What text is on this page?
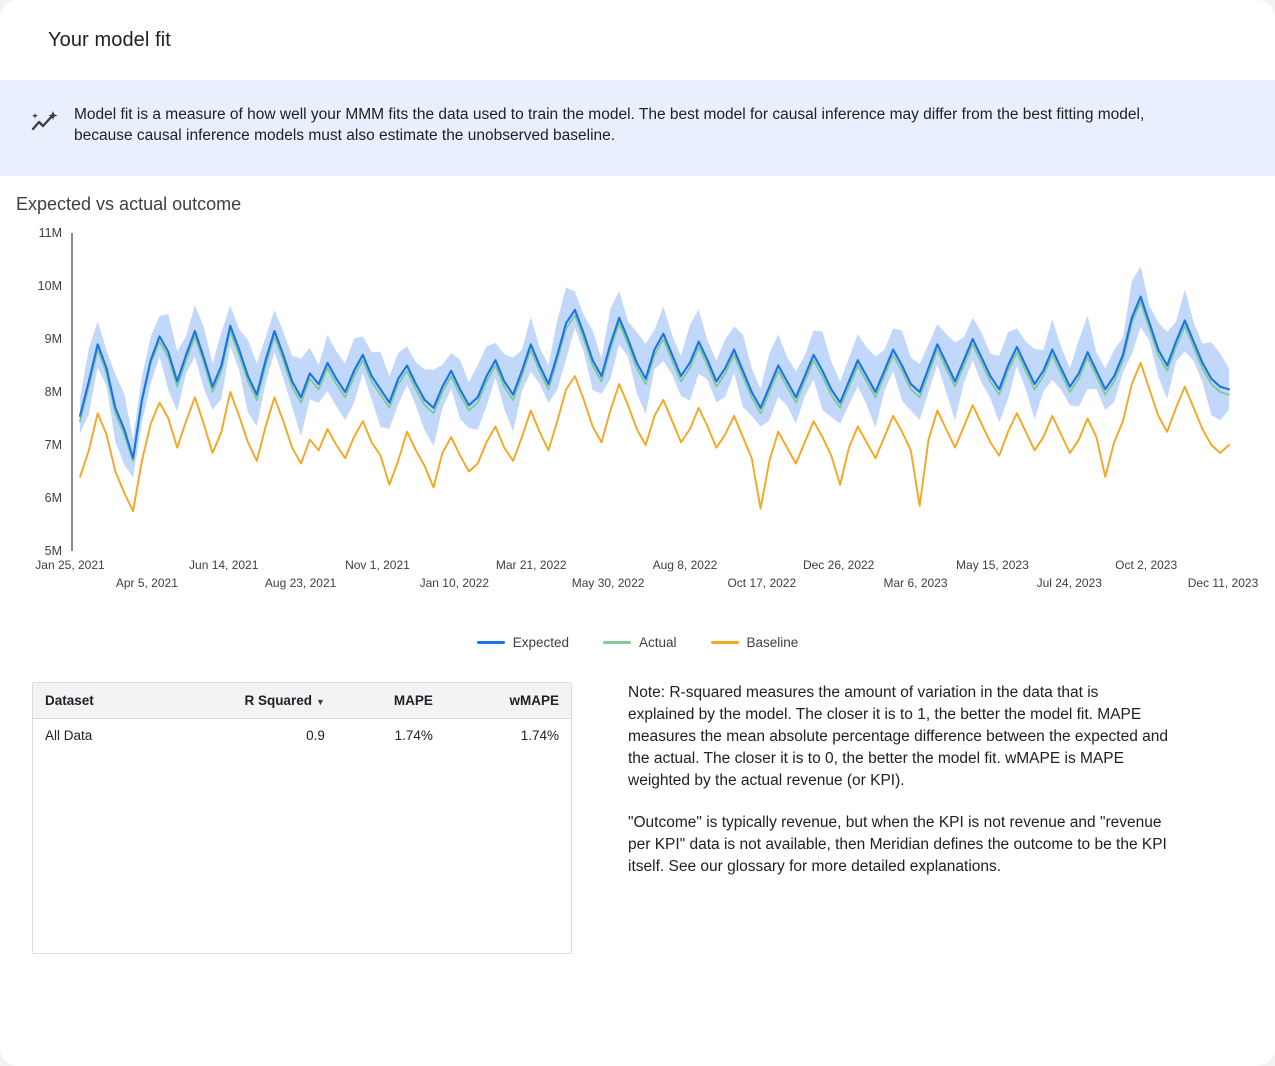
Your model fit
Model fit is a measure of how well your MMM fits the data used to train the model. The best model for causal inference may differ from the best fitting model, because causal inference models must also estimate the unobserved baseline.
Expected vs actual outcome
5M
6M
7M
8M
9M
10M
11M
Jan 25, 2021
Apr 5, 2021
Jun 14, 2021
Aug 23, 2021
Nov 1, 2021
Jan 10, 2022
Mar 21, 2022
May 30, 2022
Aug 8, 2022
Oct 17, 2022
Dec 26, 2022
Mar 6, 2023
May 15, 2023
Jul 24, 2023
Oct 2, 2023
Dec 11, 2023
Expected	Actual	Baseline
Dataset	R Squared ▼	MAPE	wMAPE
All Data	0.9	1.74%	1.74%

Note: R-squared measures the amount of variation in the data that is explained by the model. The closer it is to 1, the better the model fit. MAPE measures the mean absolute percentage difference between the expected and the actual. The closer it is to 0, the better the model fit. wMAPE is MAPE weighted by the actual revenue (or KPI).

"Outcome" is typically revenue, but when the KPI is not revenue and "revenue per KPI" data is not available, then Meridian defines the outcome to be the KPI itself. See our glossary for more detailed explanations.
